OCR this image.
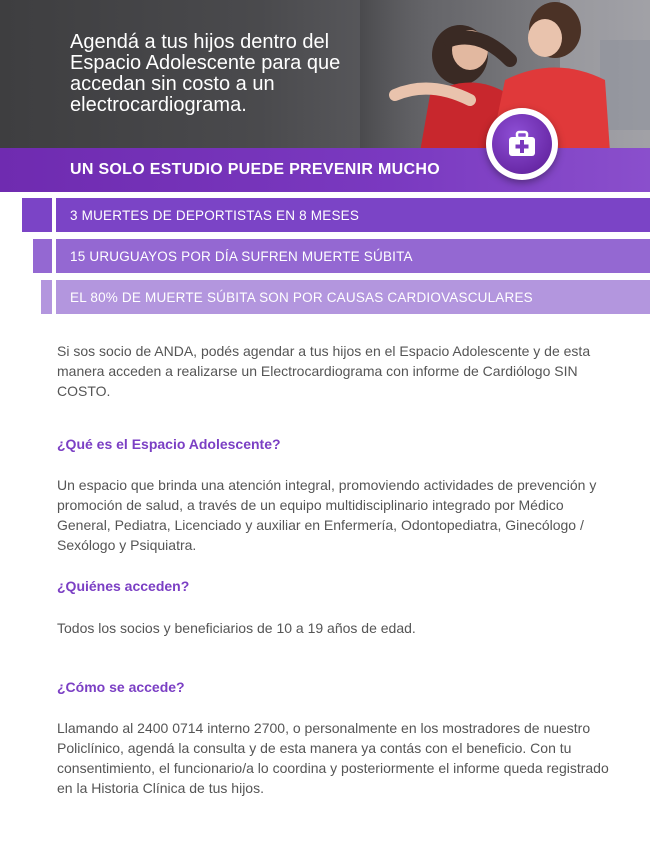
Agendá a tus hijos dentro del Espacio Adolescente para que accedan sin costo a un electrocardiograma.

UN SOLO ESTUDIO PUEDE PREVENIR MUCHO

3 MUERTES DE DEPORTISTAS EN 8 MESES
15 URUGUAYOS POR DÍA SUFREN MUERTE SÚBITA
EL 80% DE MUERTE SÚBITA SON POR CAUSAS CARDIOVASCULARES

Si sos socio de ANDA, podés agendar a tus hijos en el Espacio Adolescente y de esta manera acceden a realizarse un Electrocardiograma con informe de Cardiólogo SIN COSTO.

¿Qué es el Espacio Adolescente?

Un espacio que brinda una atención integral, promoviendo actividades de prevención y promoción de salud, a través de un equipo multidisciplinario integrado por Médico General, Pediatra, Licenciado y auxiliar en Enfermería, Odontopediatra, Ginecólogo / Sexólogo y Psiquiatra.

¿Quiénes acceden?

Todos los socios y beneficiarios de 10 a 19 años de edad.

¿Cómo se accede?

Llamando al 2400 0714 interno 2700, o personalmente en los mostradores de nuestro Policlínico, agendá la consulta y de esta manera ya contás con el beneficio. Con tu consentimiento, el funcionario/a lo coordina y posteriormente el informe queda registrado en la Historia Clínica de tus hijos.
